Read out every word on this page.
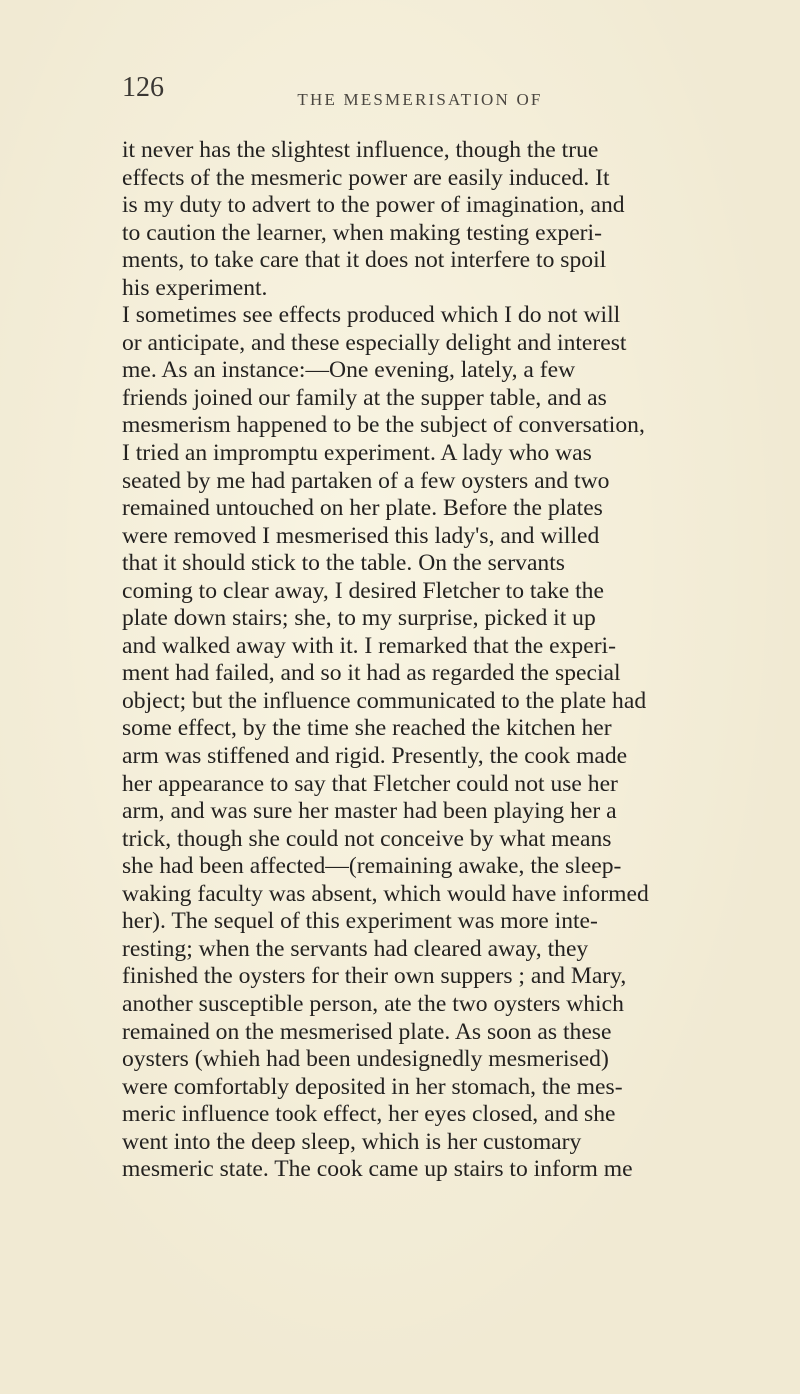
126	THE MESMERISATION OF
it never has the slightest influence, though the true
effects of the mesmeric power are easily induced. It
is my duty to advert to the power of imagination, and
to caution the learner, when making testing experi-
ments, to take care that it does not interfere to spoil
his experiment.
I sometimes see effects produced which I do not will
or anticipate, and these especially delight and interest
me. As an instance:—One evening, lately, a few
friends joined our family at the supper table, and as
mesmerism happened to be the subject of conversation,
I tried an impromptu experiment. A lady who was
seated by me had partaken of a few oysters and two
remained untouched on her plate. Before the plates
were removed I mesmerised this lady's, and willed
that it should stick to the table. On the servants
coming to clear away, I desired Fletcher to take the
plate down stairs; she, to my surprise, picked it up
and walked away with it. I remarked that the experi-
ment had failed, and so it had as regarded the special
object; but the influence communicated to the plate had
some effect, by the time she reached the kitchen her
arm was stiffened and rigid. Presently, the cook made
her appearance to say that Fletcher could not use her
arm, and was sure her master had been playing her a
trick, though she could not conceive by what means
she had been affected—(remaining awake, the sleep-
waking faculty was absent, which would have informed
her). The sequel of this experiment was more inte-
resting; when the servants had cleared away, they
finished the oysters for their own suppers ; and Mary,
another susceptible person, ate the two oysters which
remained on the mesmerised plate. As soon as these
oysters (whieh had been undesignedly mesmerised)
were comfortably deposited in her stomach, the mes-
meric influence took effect, her eyes closed, and she
went into the deep sleep, which is her customary
mesmeric state. The cook came up stairs to inform me
